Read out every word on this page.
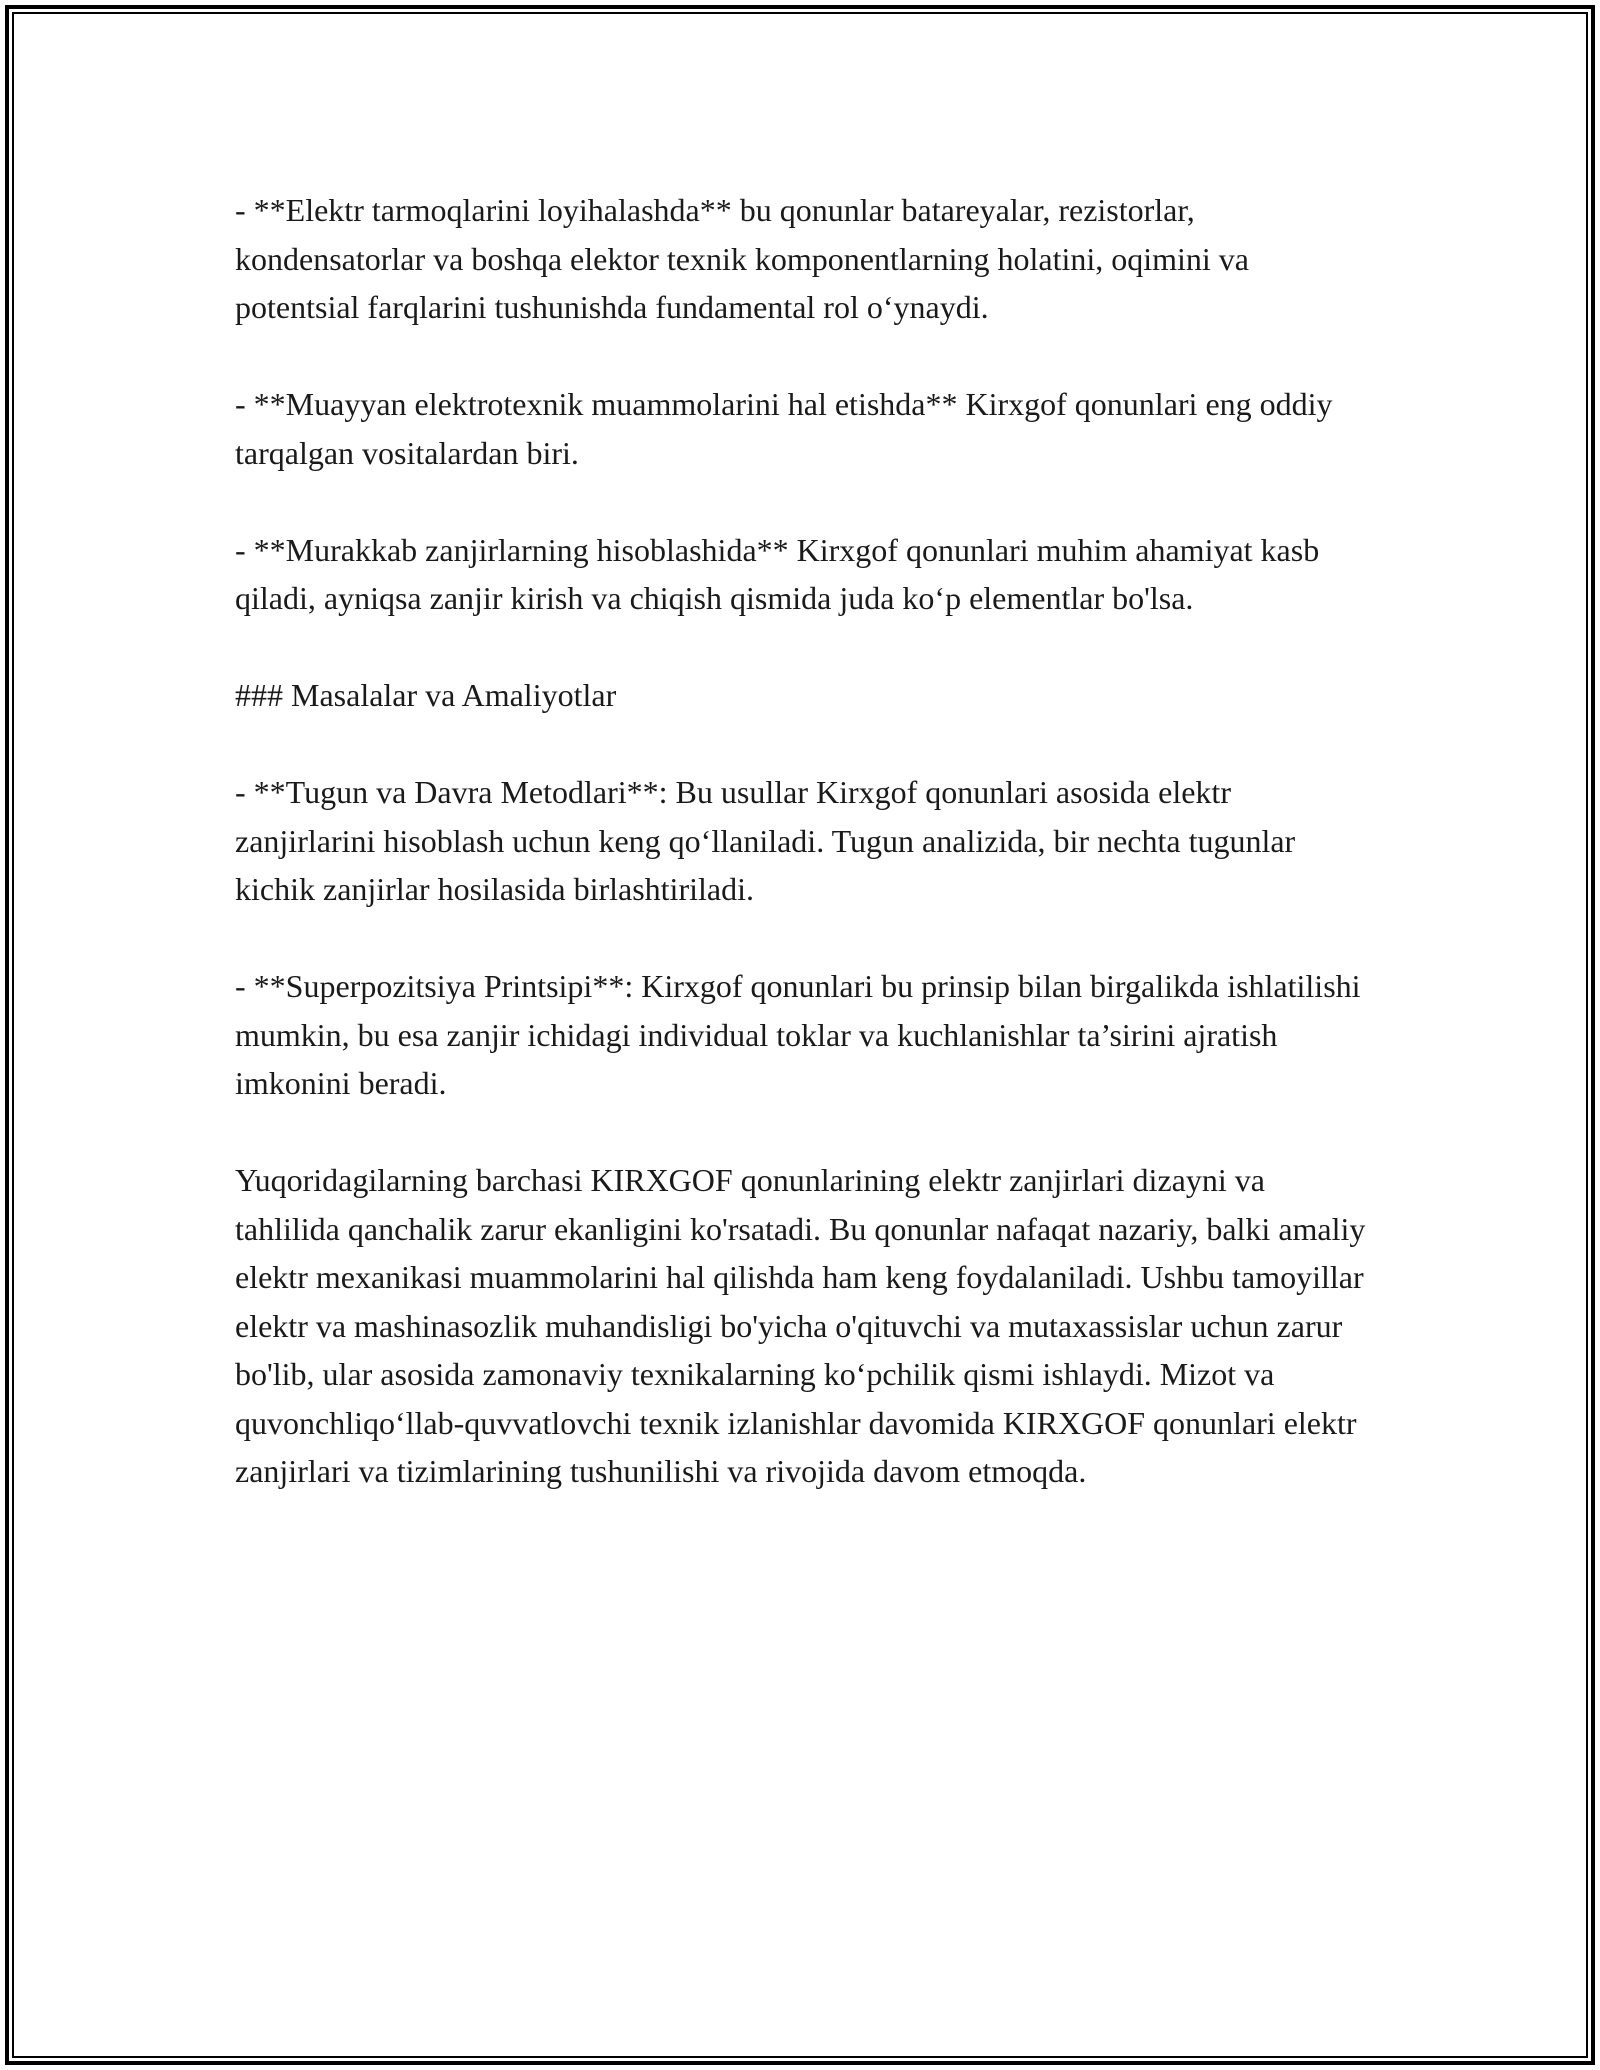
- **Elektr tarmoqlarini loyihalashda** bu qonunlar batareyalar, rezistorlar, kondensatorlar va boshqa elektor texnik komponentlarning holatini, oqimini va potentsial farqlarini tushunishda fundamental rol o‘ynaydi.

- **Muayyan elektrotexnik muammolarini hal etishda** Kirxgof qonunlari eng oddiy tarqalgan vositalardan biri.

- **Murakkab zanjirlarning hisoblashida** Kirxgof qonunlari muhim ahamiyat kasb qiladi, ayniqsa zanjir kirish va chiqish qismida juda ko‘p elementlar bo'lsa.

### Masalalar va Amaliyotlar

- **Tugun va Davra Metodlari**: Bu usullar Kirxgof qonunlari asosida elektr zanjirlarini hisoblash uchun keng qo‘llaniladi. Tugun analizida, bir nechta tugunlar kichik zanjirlar hosilasida birlashtiriladi.

- **Superpozitsiya Printsipi**: Kirxgof qonunlari bu prinsip bilan birgalikda ishlatilishi mumkin, bu esa zanjir ichidagi individual toklar va kuchlanishlar ta’sirini ajratish imkonini beradi.

Yuqoridagilarning barchasi KIRXGOF qonunlarining elektr zanjirlari dizayni va tahlilida qanchalik zarur ekanligini ko'rsatadi. Bu qonunlar nafaqat nazariy, balki amaliy elektr mexanikasi muammolarini hal qilishda ham keng foydalaniladi. Ushbu tamoyillar elektr va mashinasozlik muhandisligi bo'yicha o'qituvchi va mutaxassislar uchun zarur bo'lib, ular asosida zamonaviy texnikalarning ko‘pchilik qismi ishlaydi. Mizot va quvonchliqo‘llab-quvvatlovchi texnik izlanishlar davomida KIRXGOF qonunlari elektr zanjirlari va tizimlarining tushunilishi va rivojida davom etmoqda.
